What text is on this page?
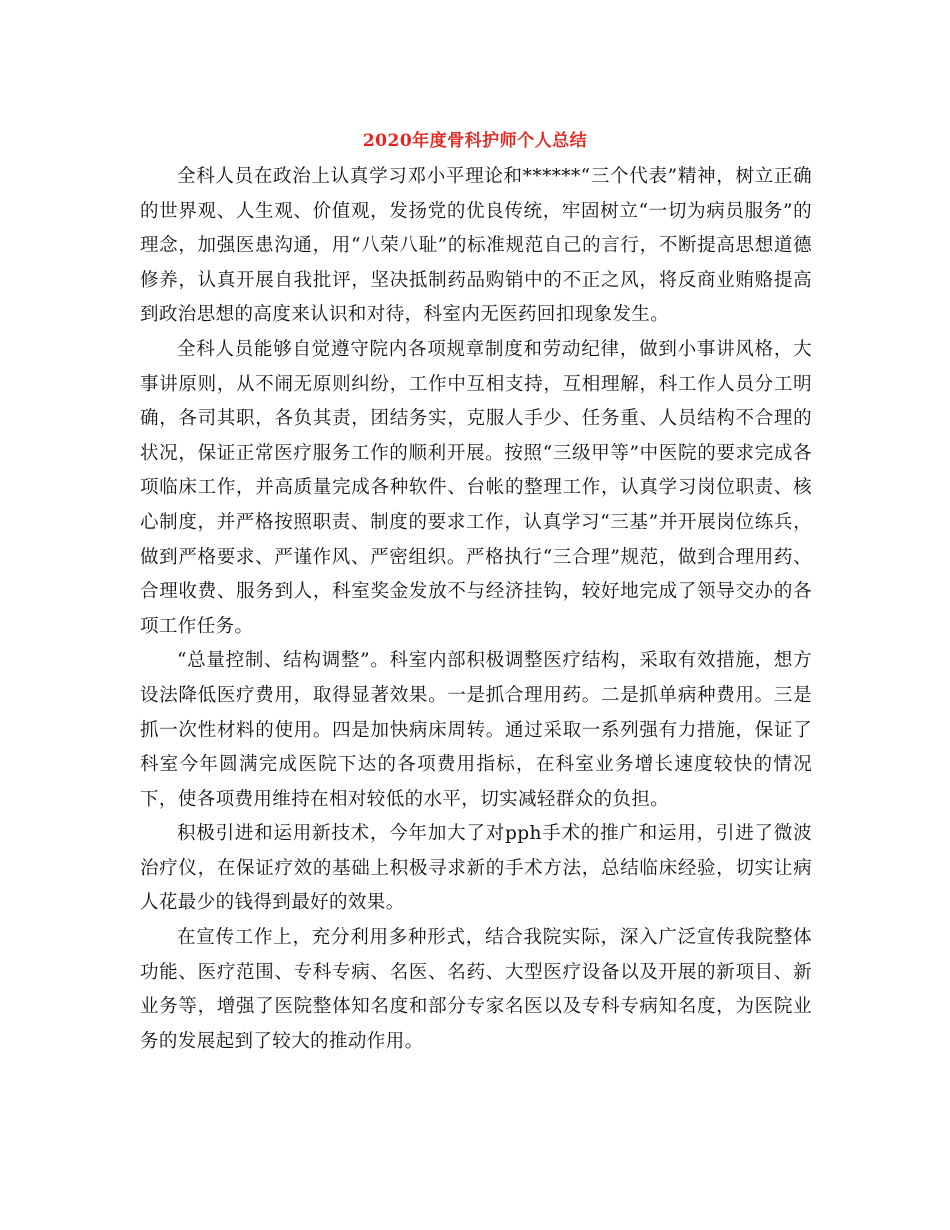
2020年度骨科护师个人总结

全科人员在政治上认真学习邓小平理论和******“三个代表”精神，树立正确的世界观、人生观、价值观，发扬党的优良传统，牢固树立“一切为病员服务”的理念，加强医患沟通，用“八荣八耻”的标准规范自己的言行，不断提高思想道德修养，认真开展自我批评，坚决抵制药品购销中的不正之风，将反商业贿赂提高到政治思想的高度来认识和对待，科室内无医药回扣现象发生。

全科人员能够自觉遵守院内各项规章制度和劳动纪律，做到小事讲风格，大事讲原则，从不闹无原则纠纷，工作中互相支持，互相理解，科工作人员分工明确，各司其职，各负其责，团结务实，克服人手少、任务重、人员结构不合理的状况，保证正常医疗服务工作的顺利开展。按照“三级甲等”中医院的要求完成各项临床工作，并高质量完成各种软件、台帐的整理工作，认真学习岗位职责、核心制度，并严格按照职责、制度的要求工作，认真学习“三基”并开展岗位练兵，做到严格要求、严谨作风、严密组织。严格执行“三合理”规范，做到合理用药、合理收费、服务到人，科室奖金发放不与经济挂钩，较好地完成了领导交办的各项工作任务。

“总量控制、结构调整”。科室内部积极调整医疗结构，采取有效措施，想方设法降低医疗费用，取得显著效果。一是抓合理用药。二是抓单病种费用。三是抓一次性材料的使用。四是加快病床周转。通过采取一系列强有力措施，保证了科室今年圆满完成医院下达的各项费用指标，在科室业务增长速度较快的情况下，使各项费用维持在相对较低的水平，切实减轻群众的负担。

积极引进和运用新技术，今年加大了对pph手术的推广和运用，引进了微波治疗仪，在保证疗效的基础上积极寻求新的手术方法，总结临床经验，切实让病人花最少的钱得到最好的效果。

在宣传工作上，充分利用多种形式，结合我院实际，深入广泛宣传我院整体功能、医疗范围、专科专病、名医、名药、大型医疗设备以及开展的新项目、新业务等，增强了医院整体知名度和部分专家名医以及专科专病知名度，为医院业务的发展起到了较大的推动作用。
